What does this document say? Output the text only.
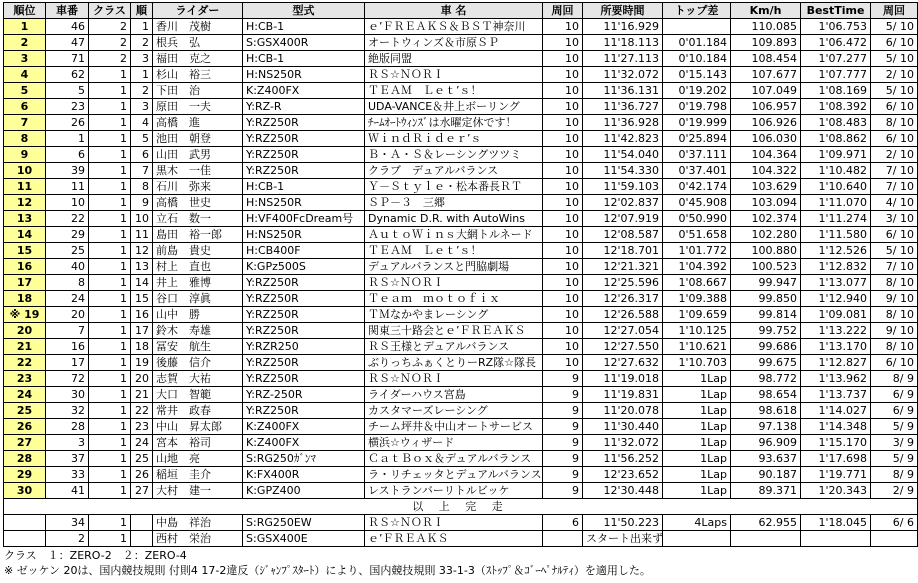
順位	車番	クラス	順	ライダー	型式	車 名	周回	所要時間	トップ差	Km/h	BestTime	周回
1	46	2	1	香川　茂樹	H:CB-1	ｅ’ＦＲＥＡＫＳ＆ＢＳＴ神奈川	10	11'16.929		110.085	1'06.753	5/ 10
2	47	2	2	根兵　弘	S:GSX400R	オートウィンズ＆市原ＳＰ	10	11'18.113	0'01.184	109.893	1'06.472	6/ 10
3	71	2	3	福田　克之	H:CB-1	絶版同盟	10	11'27.113	0'10.184	108.454	1'07.277	5/ 10
4	62	1	1	杉山　裕三	H:NS250R	ＲＳ☆ＮＯＲＩ	10	11'32.072	0'15.143	107.677	1'07.777	2/ 10
5	5	1	2	下田　治	K:Z400FX	ＴＥＡＭ　Ｌｅｔ’ｓ！	10	11'36.131	0'19.202	107.049	1'08.169	5/ 10
6	23	1	3	原田　一夫	Y:RZ-R	UDA-VANCE＆井上ボーリング	10	11'36.727	0'19.798	106.957	1'08.392	6/ 10
7	26	1	4	高橋　進	Y:RZ250R	ﾁｰﾑｵｰﾄｳｨﾝｽﾞは水曜定休です！	10	11'36.928	0'19.999	106.926	1'08.483	8/ 10
8	1	1	5	池田　朝登	Y:RZ250R	ＷｉｎｄＲｉｄｅｒ’ｓ	10	11'42.823	0'25.894	106.030	1'08.862	6/ 10
9	6	1	6	山田　武男	Y:RZ250R	Ｂ・Ａ・Ｓ＆レーシングツツミ	10	11'54.040	0'37.111	104.364	1'09.971	2/ 10
10	39	1	7	黒木　一佳	Y:RZ250R	クラブ　デュアルバランス	10	11'54.330	0'37.401	104.322	1'10.482	7/ 10
11	11	1	8	石川　弥来	H:CB-1	Ｙ－Ｓｔｙｌｅ・松本番長ＲＴ	10	11'59.103	0'42.174	103.629	1'10.640	7/ 10
12	10	1	9	高橋　世史	H:NS250R	ＳＰ－３　三郷	10	12'02.837	0'45.908	103.094	1'11.070	4/ 10
13	22	1	10	立石　数一	H:VF400FcDream号	Dynamic D.R. with AutoWins	10	12'07.919	0'50.990	102.374	1'11.274	3/ 10
14	29	1	11	島田　裕一郎	H:NS250R	ＡｕｔｏＷｉｎｓ大網トルネード	10	12'08.587	0'51.658	102.280	1'11.580	6/ 10
15	25	1	12	前島　貴史	H:CB400F	ＴＥＡＭ　Ｌｅｔ’ｓ！	10	12'18.701	1'01.772	100.880	1'12.526	5/ 10
16	40	1	13	村上　直也	K:GPz500S	デュアルバランスと門脇劇場	10	12'21.321	1'04.392	100.523	1'12.832	7/ 10
17	8	1	14	井上　雅博	Y:RZ250R	ＲＳ☆ＮＯＲＩ	10	12'25.596	1'08.667	99.947	1'13.077	8/ 10
18	24	1	15	谷口　淳眞	Y:RZ250R	Ｔｅａｍ　ｍｏｔｏｆｉｘ	10	12'26.317	1'09.388	99.850	1'12.940	9/ 10
※ 19	20	1	16	山中　勝	Y:RZ250R	ＴＭなかやまレーシング	10	12'26.588	1'09.659	99.814	1'09.081	8/ 10
20	7	1	17	鈴木　寿雄	Y:RZ250R	関東三十路会とｅ’ＦＲＥＡＫＳ	10	12'27.054	1'10.125	99.752	1'13.222	9/ 10
21	16	1	18	冨安　航生	Y:RZR250	ＲＳ王様とデュアルバランス	10	12'27.550	1'10.621	99.686	1'13.170	8/ 10
22	17	1	19	後藤　信介	Y:RZ250R	ぶりっちふぁくとりーRZ隊☆隊長	10	12'27.632	1'10.703	99.675	1'12.827	6/ 10
23	72	1	20	志賀　大祐	Y:RZ250R	ＲＳ☆ＮＯＲＩ	9	11'19.018	1Lap	98.772	1'13.962	8/ 9
24	30	1	21	大口　智範	Y:RZ-250R	ライダーハウス宮島	9	11'19.831	1Lap	98.654	1'13.737	6/ 9
25	32	1	22	常井　政春	Y:RZ250R	カスタマーズレーシング	9	11'20.078	1Lap	98.618	1'14.027	6/ 9
26	28	1	23	中山　昇太郎	K:Z400FX	チーム坪井＆中山オートサービス	9	11'30.440	1Lap	97.138	1'14.348	5/ 9
27	3	1	24	宮本　裕司	K:Z400FX	横浜☆ウィザード	9	11'32.072	1Lap	96.909	1'15.170	3/ 9
28	37	1	25	山地　亮	S:RG250ｶﾞﾝﾏ	ＣａｔＢｏｘ＆デュアルバランス	9	11'56.252	1Lap	93.637	1'17.698	5/ 9
29	33	1	26	稲垣　圭介	K:FX400R	ラ・リチェッタとデュアルバランス	9	12'23.652	1Lap	90.187	1'19.771	8/ 9
30	41	1	27	大村　建一	K:GPZ400	レストランバーリトルビッケ	9	12'30.448	1Lap	89.371	1'20.343	2/ 9
以 上 完 走												
	34	1		中島　祥治	S:RG250EW	ＲＳ☆ＮＯＲＩ	6	11'50.223	4Laps	62.955	1'18.045	6/ 6
	2	1		西村　栄治	S:GSX400E	ｅ’ＦＲＥＡＫＳ		スタート出来ず				
クラス　１：ZERO-2　２：ZERO-4
※ ゼッケン 20は、国内競技規則 付則4 17-2違反（ｼﾞｬﾝﾌﾟｽﾀｰﾄ）により、国内競技規則 33-1-3（ｽﾄｯﾌﾟ＆ｺﾞｰﾍﾟﾅﾙﾃｨ）を適用した。
